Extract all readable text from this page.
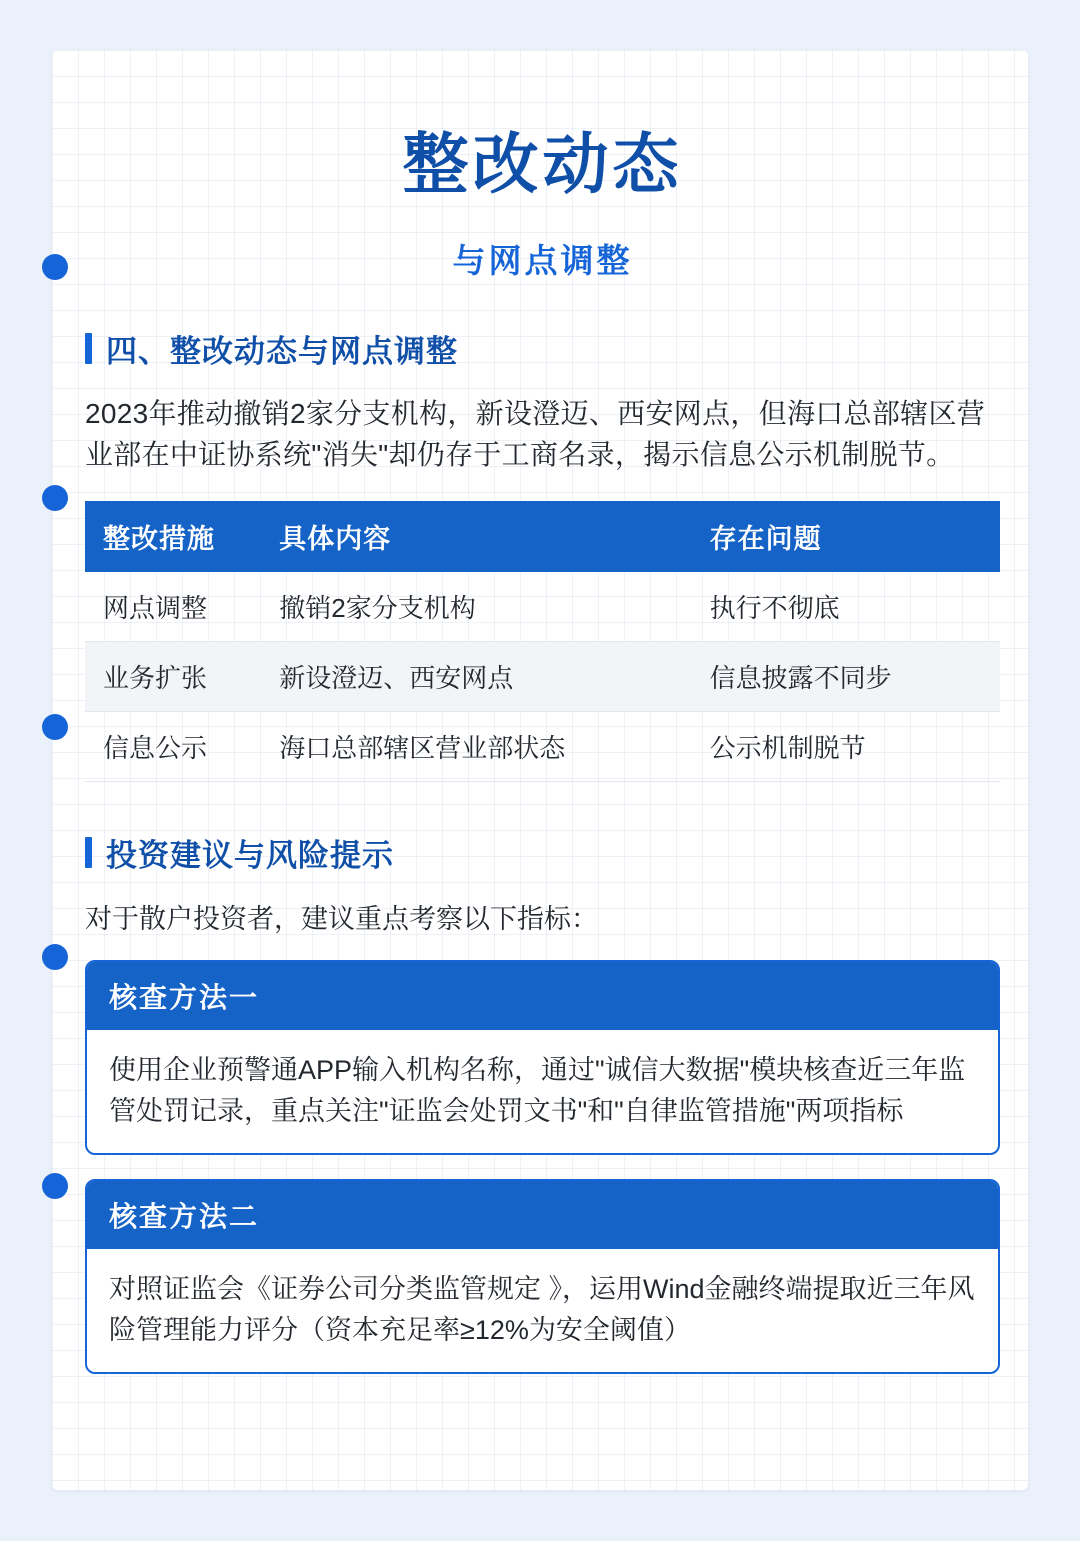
整改动态
与网点调整
四、整改动态与网点调整
2023年推动撤销2家分支机构，新设澄迈、西安网点，但海口总部辖区营业部在中证协系统"消失"却仍存于工商名录，揭示信息公示机制脱节。
整改措施	具体内容	存在问题
网点调整	撤销2家分支机构	执行不彻底
业务扩张	新设澄迈、西安网点	信息披露不同步
信息公示	海口总部辖区营业部状态	公示机制脱节
投资建议与风险提示
对于散户投资者，建议重点考察以下指标：
核查方法一
使用企业预警通APP输入机构名称，通过"诚信大数据"模块核查近三年监管处罚记录，重点关注"证监会处罚文书"和"自律监管措施"两项指标
核查方法二
对照证监会《证券公司分类监管规定 》，运用Wind金融终端提取近三年风险管理能力评分（资本充足率≥12%为安全阈值）
